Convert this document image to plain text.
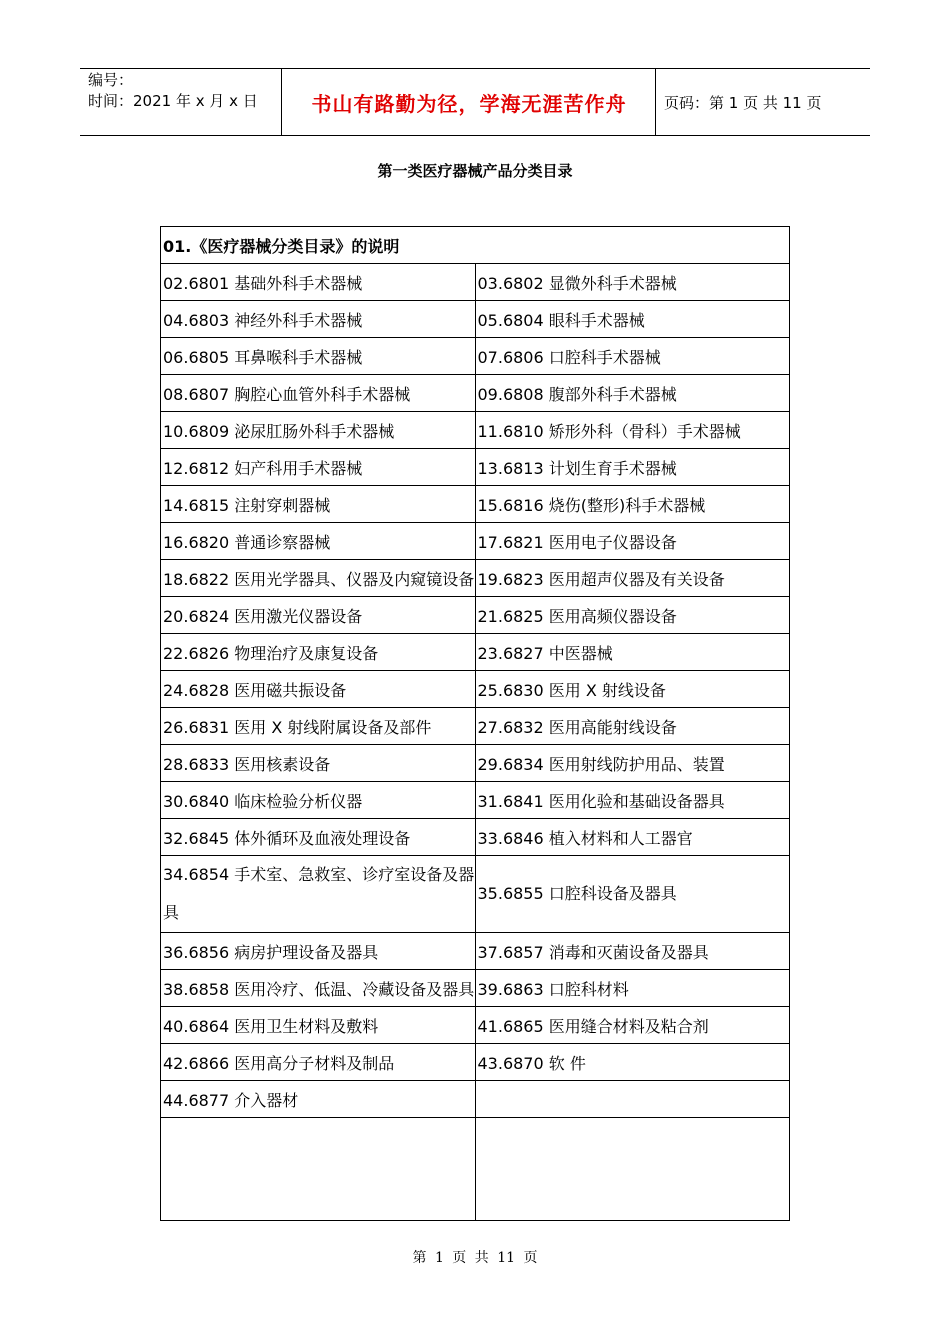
编号：
时间：2021 年 x 月 x 日	书山有路勤为径，学海无涯苦作舟	页码：第 1 页 共 11 页
第一类医疗器械产品分类目录
01.《医疗器械分类目录》的说明	
02.6801 基础外科手术器械	03.6802 显微外科手术器械
04.6803 神经外科手术器械	05.6804 眼科手术器械
06.6805 耳鼻喉科手术器械	07.6806 口腔科手术器械
08.6807 胸腔心血管外科手术器械	09.6808 腹部外科手术器械
10.6809 泌尿肛肠外科手术器械	11.6810 矫形外科（骨科）手术器械
12.6812 妇产科用手术器械	13.6813 计划生育手术器械
14.6815 注射穿刺器械	15.6816 烧伤(整形)科手术器械
16.6820 普通诊察器械	17.6821 医用电子仪器设备
18.6822 医用光学器具、仪器及内窥镜设备	19.6823 医用超声仪器及有关设备
20.6824 医用激光仪器设备	21.6825 医用高频仪器设备
22.6826 物理治疗及康复设备	23.6827 中医器械
24.6828 医用磁共振设备	25.6830 医用 X 射线设备
26.6831 医用 X 射线附属设备及部件	27.6832 医用高能射线设备
28.6833 医用核素设备	29.6834 医用射线防护用品、装置
30.6840 临床检验分析仪器	31.6841 医用化验和基础设备器具
32.6845 体外循环及血液处理设备	33.6846 植入材料和人工器官
34.6854 手术室、急救室、诊疗室设备及器具	35.6855 口腔科设备及器具
36.6856 病房护理设备及器具	37.6857 消毒和灭菌设备及器具
38.6858 医用冷疗、低温、冷藏设备及器具	39.6863 口腔科材料
40.6864 医用卫生材料及敷料	41.6865 医用缝合材料及粘合剂
42.6866 医用高分子材料及制品	43.6870 软 件
44.6877 介入器材	

第 1 页 共 11 页
